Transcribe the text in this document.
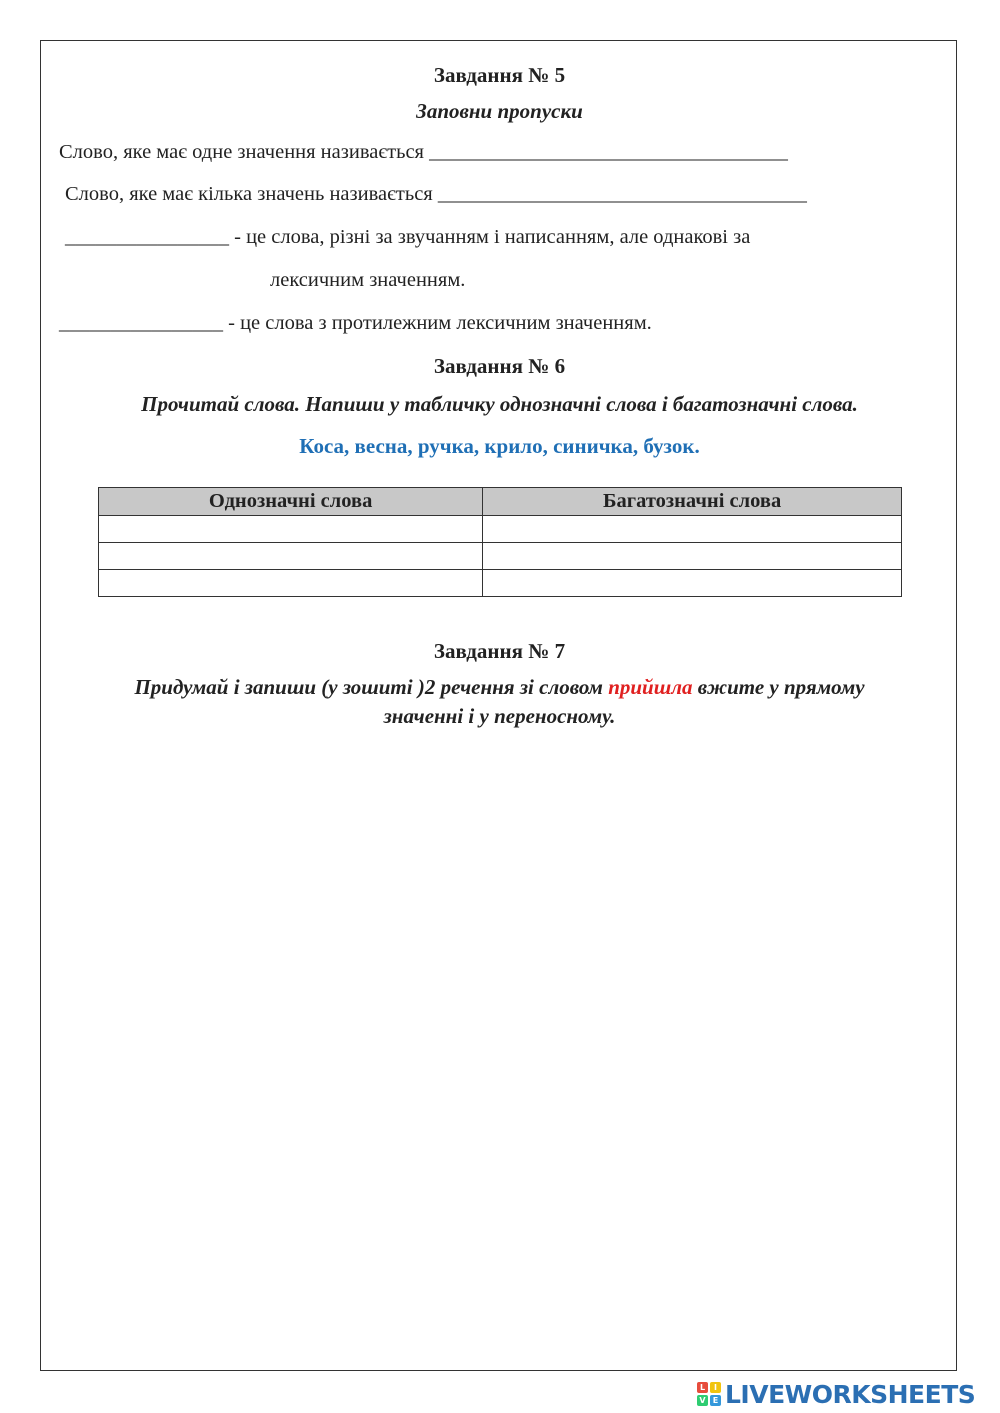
Завдання № 5
Заповни пропуски
Слово, яке має одне значення називається ___________________________________
Слово, яке має кілька значень називається ____________________________________
________________ - це слова, різні за звучанням і написанням, але однакові за
лексичним значенням.
________________ - це слова з протилежним лексичним значенням.
Завдання № 6
Прочитай слова. Напиши у табличку однозначні слова і багатозначні слова.
Коса, весна, ручка, крило, синичка, бузок.
Однозначні слова	Багатозначні слова

Завдання № 7
Придумай і запиши (у зошиті )2 речення зі словом прийшла вжите у прямому
значенні і у переносному.
L	I
V E LIVEWORKSHEETS
